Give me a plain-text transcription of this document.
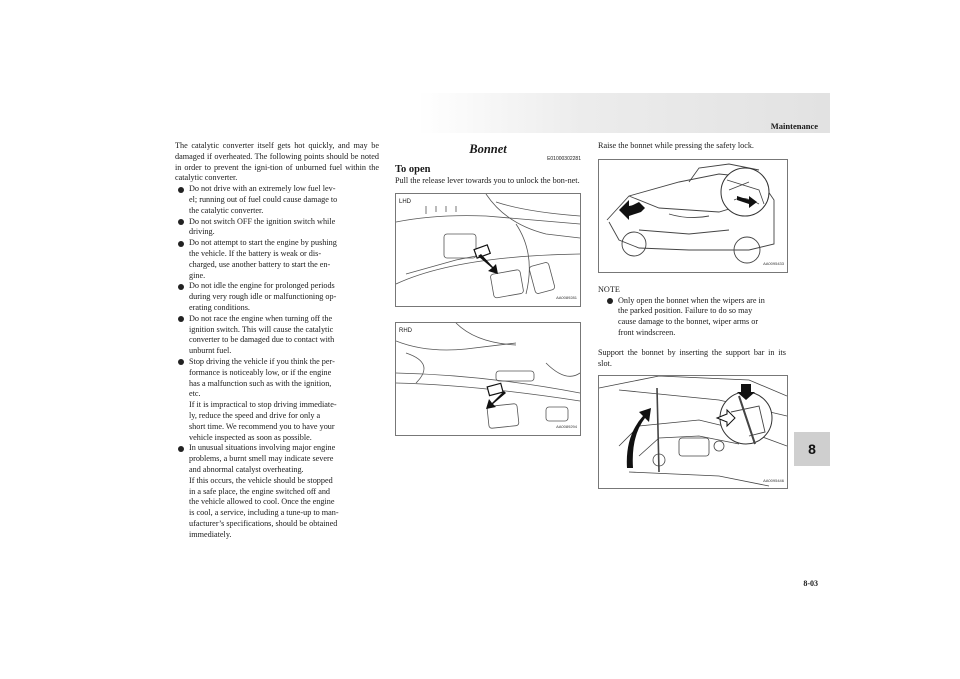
Maintenance
8
8-03

The catalytic converter itself gets hot quickly, and may be damaged if overheated. The following points should be noted in order to prevent the igni-tion of unburned fuel within the catalytic converter.

Do not drive with an extremely low fuel lev-
el; running out of fuel could cause damage to
the catalytic converter.
Do not switch OFF the ignition switch while
driving.
Do not attempt to start the engine by pushing
the vehicle. If the battery is weak or dis-
charged, use another battery to start the en-
gine.
Do not idle the engine for prolonged periods
during very rough idle or malfunctioning op-
erating conditions.
Do not race the engine when turning off the
ignition switch. This will cause the catalytic
converter to be damaged due to contact with
unburnt fuel.
Stop driving the vehicle if you think the per-
formance is noticeably low, or if the engine
has a malfunction such as with the ignition,
etc.
If it is impractical to stop driving immediate-
ly, reduce the speed and drive for only a
short time. We recommend you to have your
vehicle inspected as soon as possible.
In unusual situations involving major engine
problems, a burnt smell may indicate severe
and abnormal catalyst overheating.
If this occurs, the vehicle should be stopped
in a safe place, the engine switched off and
the vehicle allowed to cool. Once the engine
is cool, a service, including a tune-up to man-
ufacturer’s specifications, should be obtained
immediately.
Bonnet
E01000302281
To open

Pull the release lever towards you to unlock the bon-net.

LHD
AA0089281
RHD
AA0089294

Raise the bonnet while pressing the safety lock.

AA0095433
NOTE
Only open the bonnet when the wipers are in
the parked position. Failure to do so may
cause damage to the bonnet, wiper arms or
front windscreen.

Support the bonnet by inserting the support bar in its slot.

AA0095446
